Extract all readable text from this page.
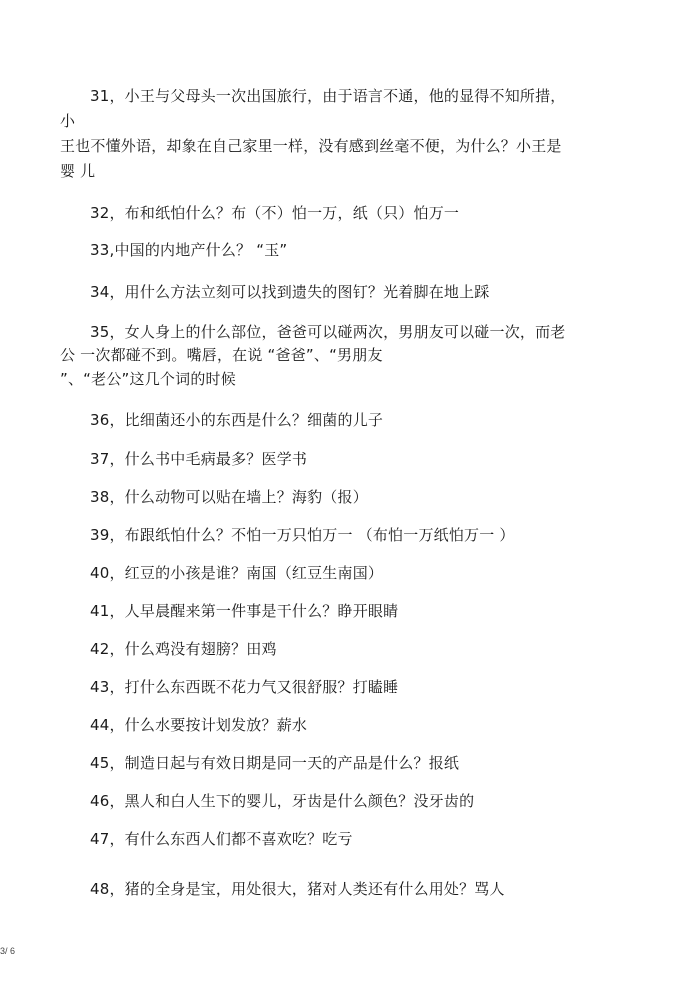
31，小王与父母头一次出国旅行，由于语言不通，他的显得不知所措，
小
王也不懂外语，却象在自己家里一样，没有感到丝毫不便，为什么？小王是
婴 儿
32，布和纸怕什么？布（不）怕一万，纸（只）怕万一
33,中国的内地产什么？ “玉”
34，用什么方法立刻可以找到遗失的图钉？光着脚在地上踩
35，女人身上的什么部位，爸爸可以碰两次，男朋友可以碰一次，而老
公 一次都碰不到。嘴唇，在说 “爸爸”、“男朋友
”、“老公”这几个词的时候
36，比细菌还小的东西是什么？细菌的儿子
37，什么书中毛病最多？医学书
38，什么动物可以贴在墙上？海豹（报）
39，布跟纸怕什么？不怕一万只怕万一 （布怕一万纸怕万一 ）
40，红豆的小孩是谁？南国（红豆生南国）
41，人早晨醒来第一件事是干什么？睁开眼睛
42，什么鸡没有翅膀？田鸡
43，打什么东西既不花力气又很舒服？打瞌睡
44，什么水要按计划发放？薪水
45，制造日起与有效日期是同一天的产品是什么？报纸
46，黑人和白人生下的婴儿，牙齿是什么颜色？没牙齿的
47，有什么东西人们都不喜欢吃？吃亏
48，猪的全身是宝，用处很大，猪对人类还有什么用处？骂人
3/ 6
